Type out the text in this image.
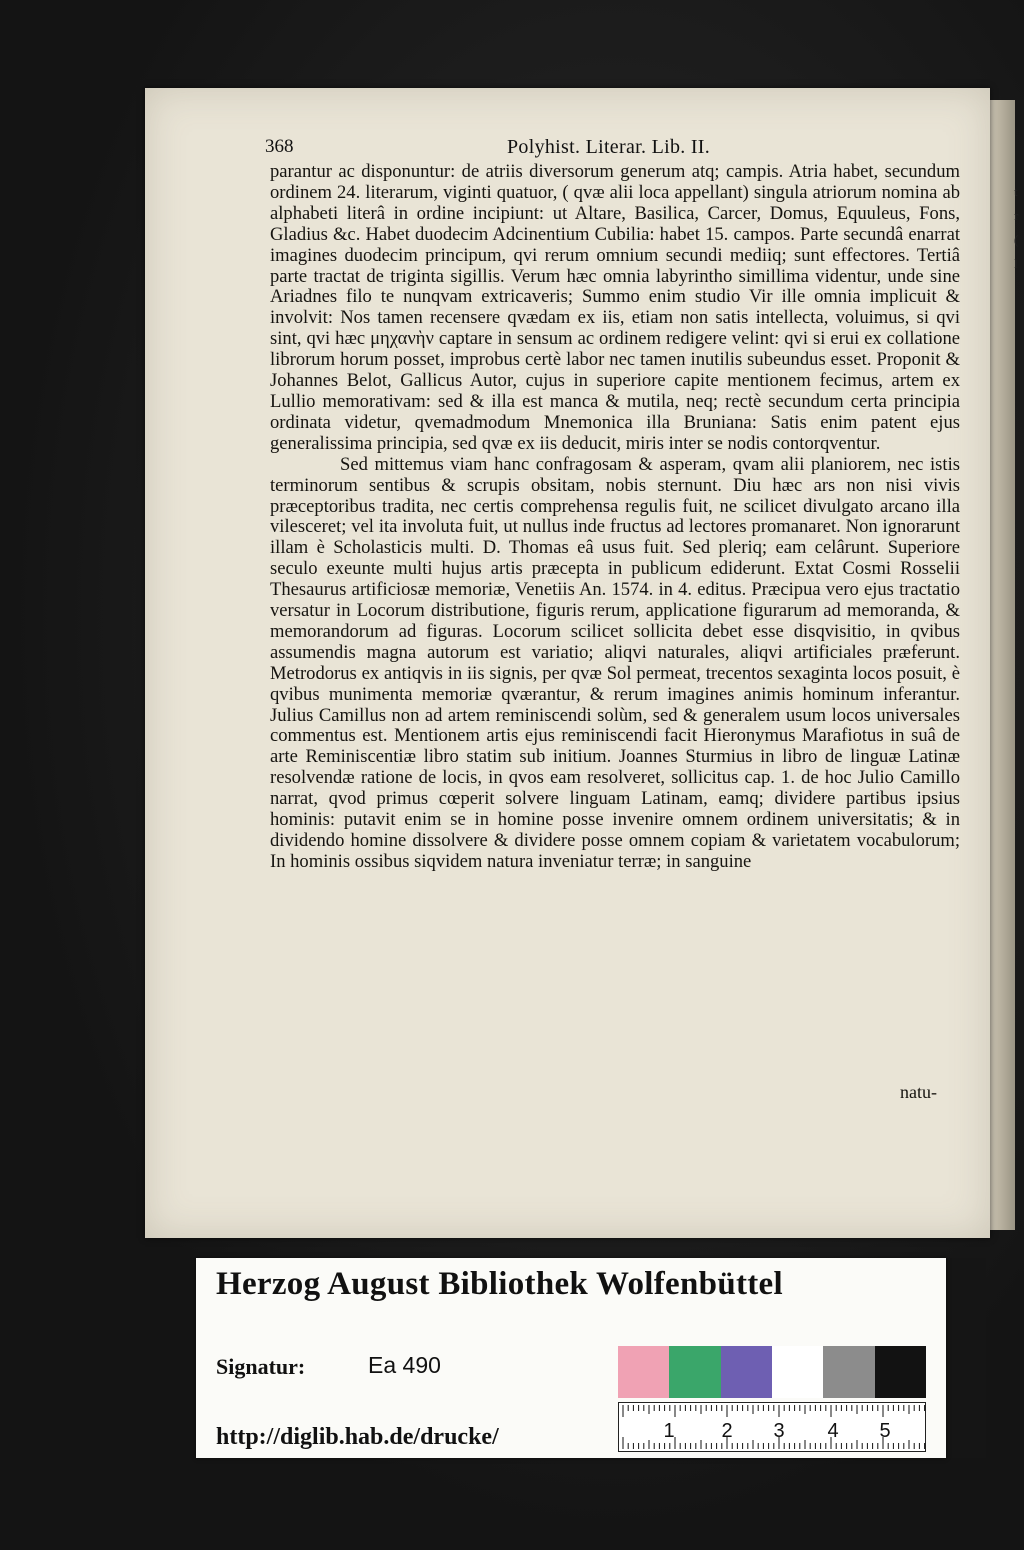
t
r
(
l
368	Polyhist. Literar. Lib. II.

parantur ac disponuntur: de atriis diversorum generum atq; campis. Atria habet, secundum ordinem 24. literarum, viginti quatuor, ( qvæ alii loca appellant) singula atriorum nomina ab alphabeti literâ in ordine incipiunt: ut Altare, Basilica, Carcer, Domus, Equuleus, Fons, Gladius &c. Habet duodecim Adcinentium Cubilia: habet 15. campos. Parte secundâ enarrat imagines duodecim principum, qvi rerum omnium secundi mediiq; sunt effectores. Tertiâ parte tractat de triginta sigillis. Verum hæc omnia labyrintho simillima videntur, unde sine Ariadnes filo te nunqvam extricaveris; Summo enim studio Vir ille omnia implicuit & involvit: Nos tamen recensere qvædam ex iis, etiam non satis intellecta, voluimus, si qvi sint, qvi hæc μηχανὴν captare in sensum ac ordinem redigere velint: qvi si erui ex collatione librorum horum posset, improbus certè labor nec tamen inutilis subeundus esset. Proponit & Johannes Belot, Gallicus Autor, cujus in superiore capite mentionem fecimus, artem ex Lullio memorativam: sed & illa est manca & mutila, neq; rectè secundum certa principia ordinata videtur, qvemadmodum Mnemonica illa Bruniana: Satis enim patent ejus generalissima principia, sed qvæ ex iis deducit, miris inter se nodis contorqventur.

Sed mittemus viam hanc confragosam & asperam, qvam alii planiorem, nec istis terminorum sentibus & scrupis obsitam, nobis sternunt. Diu hæc ars non nisi vivis præceptoribus tradita, nec certis comprehensa regulis fuit, ne scilicet divulgato arcano illa vilesceret; vel ita involuta fuit, ut nullus inde fructus ad lectores promanaret. Non ignorarunt illam è Scholasticis multi. D. Thomas eâ usus fuit. Sed pleriq; eam celârunt. Superiore seculo exeunte multi hujus artis præcepta in publicum ediderunt. Extat Cosmi Rosselii Thesaurus artificiosæ memoriæ, Venetiis An. 1574. in 4. editus. Præcipua vero ejus tractatio versatur in Locorum distributione, figuris rerum, applicatione figurarum ad memoranda, & memorandorum ad figuras. Locorum scilicet sollicita debet esse disqvisitio, in qvibus assumendis magna autorum est variatio; aliqvi naturales, aliqvi artificiales præferunt. Metrodorus ex antiqvis in iis signis, per qvæ Sol permeat, trecentos sexaginta locos posuit, è qvibus munimenta memoriæ qværantur, & rerum imagines animis hominum inferantur. Julius Camillus non ad artem reminiscendi solùm, sed & generalem usum locos universales commentus est. Mentionem artis ejus reminiscendi facit Hieronymus Marafiotus in suâ de arte Reminiscentiæ libro statim sub initium. Joannes Sturmius in libro de linguæ Latinæ resolvendæ ratione de locis, in qvos eam resolveret, sollicitus cap. 1. de hoc Julio Camillo narrat, qvod primus cœperit solvere linguam Latinam, eamq; dividere partibus ipsius hominis: putavit enim se in homine posse invenire omnem ordinem universitatis; & in dividendo homine dissolvere & dividere posse omnem copiam & varietatem vocabulorum; In hominis ossibus siqvidem natura inveniatur terræ; in sanguine

natu-
Herzog August Bibliothek Wolfenbüttel
Signatur:	Ea 490
1 2 3 4 5
http://diglib.hab.de/drucke/
